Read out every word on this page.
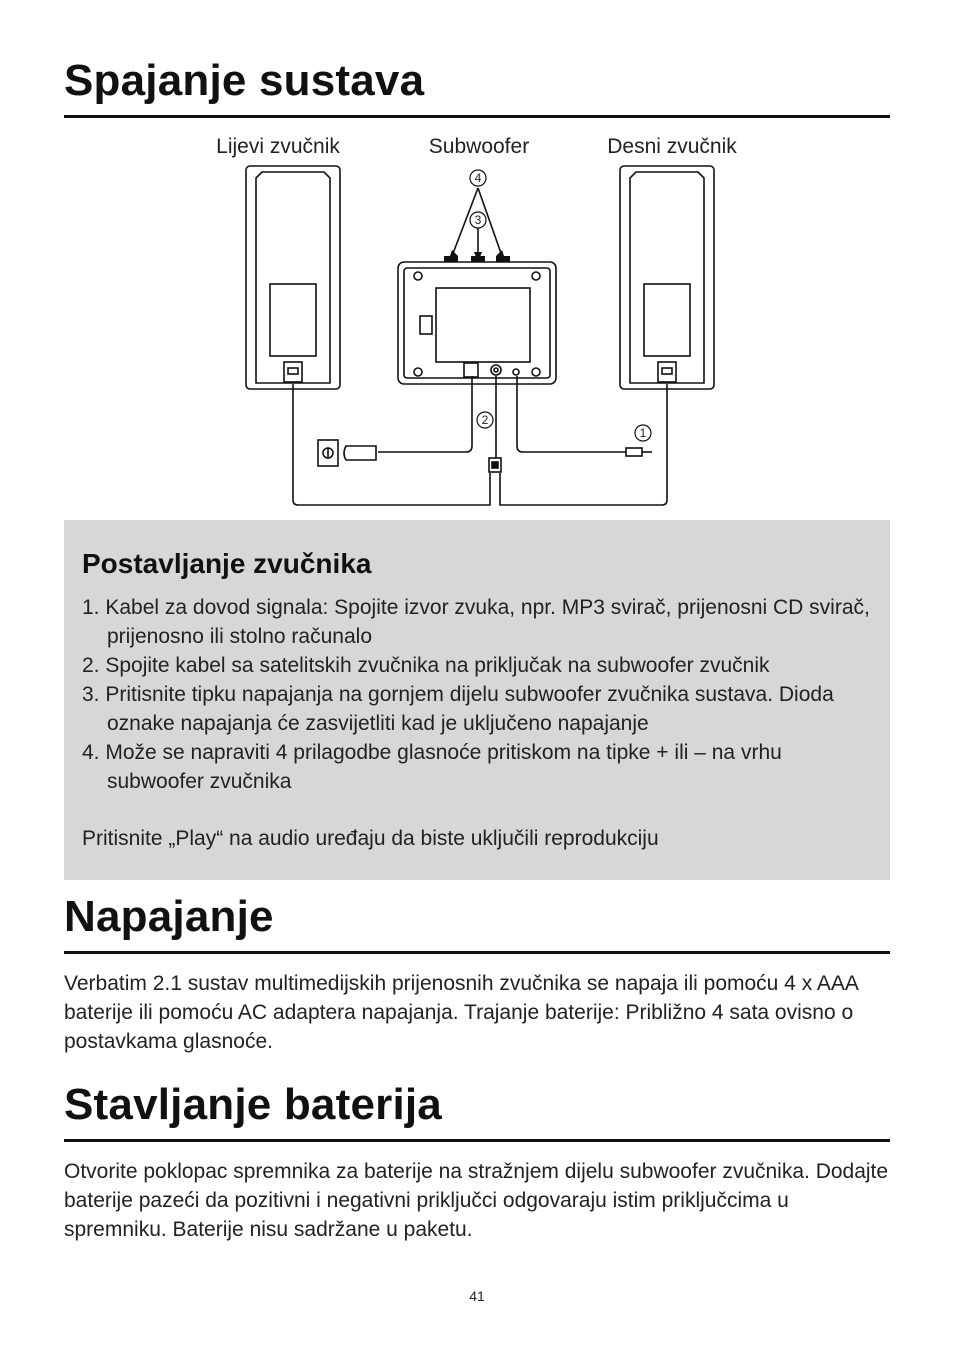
Spajanje sustava
4
3
2
1
Lijevi zvučnik	Subwoofer	Desni zvučnik
Postavljanje zvučnika
1. Kabel za dovod signala: Spojite izvor zvuka, npr. MP3 svirač, prijenosni CD svirač, prijenosno ili stolno računalo
2. Spojite kabel sa satelitskih zvučnika na priključak na subwoofer zvučnik
3. Pritisnite tipku napajanja na gornjem dijelu subwoofer zvučnika sustava. Dioda oznake napajanja će zasvijetliti kad je uključeno napajanje
4. Može se napraviti 4 prilagodbe glasnoće pritiskom na tipke + ili – na vrhu subwoofer zvučnika

Pritisnite „Play“ na audio uređaju da biste uključili reprodukciju

Napajanje

Verbatim 2.1 sustav multimedijskih prijenosnih zvučnika se napaja ili pomoću 4 x AAA baterije ili pomoću AC adaptera napajanja. Trajanje baterije: Približno 4 sata ovisno o postavkama glasnoće.

Stavljanje baterija

Otvorite poklopac spremnika za baterije na stražnjem dijelu subwoofer zvučnika. Dodajte baterije pazeći da pozitivni i negativni priključci odgovaraju istim priključcima u spremniku. Baterije nisu sadržane u paketu.

41
